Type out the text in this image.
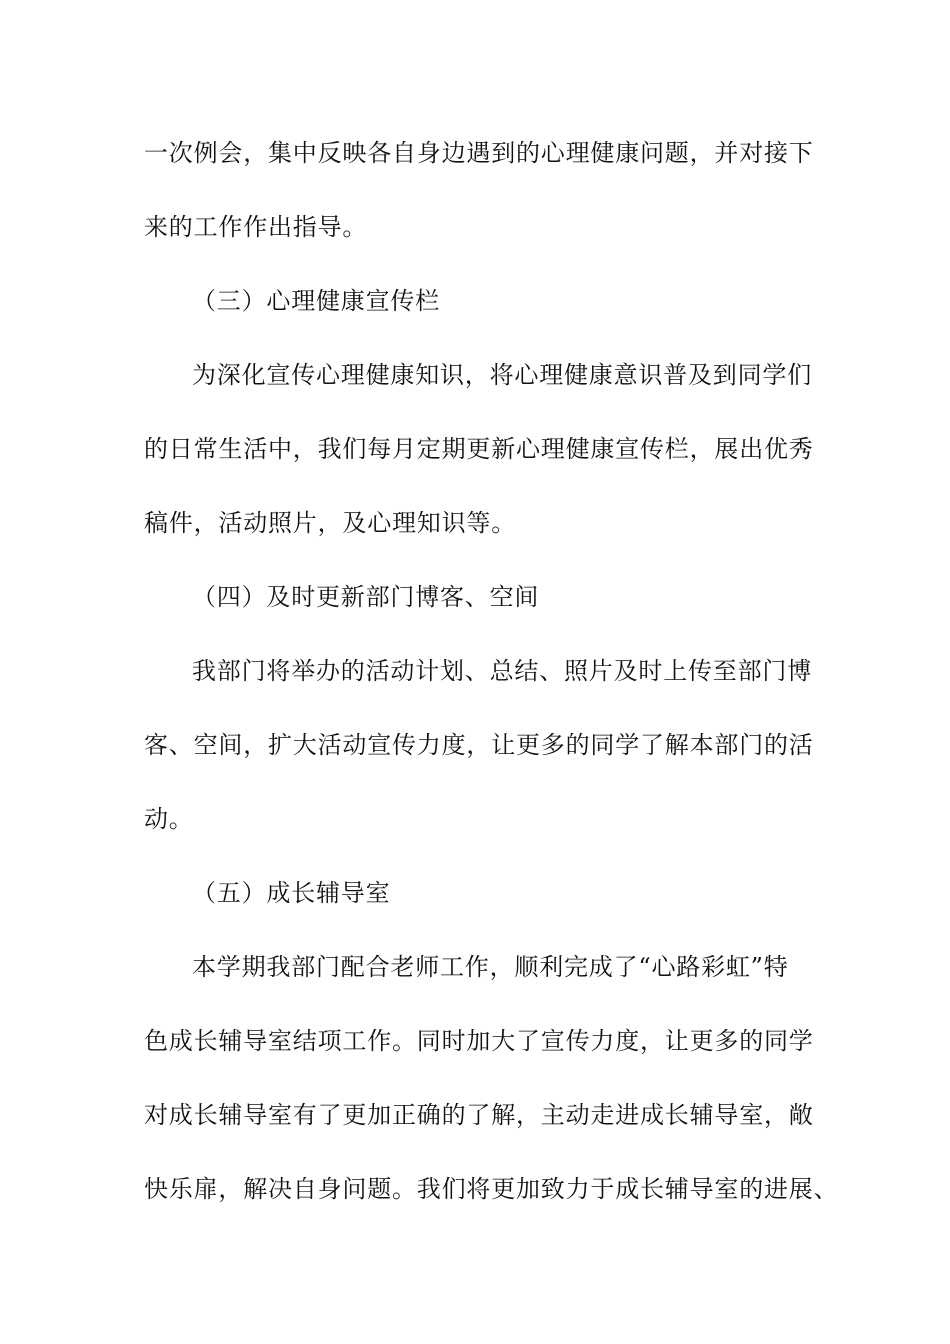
一次例会，集中反映各自身边遇到的心理健康问题，并对接下
来的工作作出指导。
（三）心理健康宣传栏
为深化宣传心理健康知识，将心理健康意识普及到同学们
的日常生活中，我们每月定期更新心理健康宣传栏，展出优秀
稿件，活动照片，及心理知识等。
（四）及时更新部门博客、空间
我部门将举办的活动计划、总结、照片及时上传至部门博
客、空间，扩大活动宣传力度，让更多的同学了解本部门的活
动。
（五）成长辅导室
本学期我部门配合老师工作，顺利完成了“心路彩虹”特
色成长辅导室结项工作。同时加大了宣传力度，让更多的同学
对成长辅导室有了更加正确的了解，主动走进成长辅导室，敞
快乐扉，解决自身问题。我们将更加致力于成长辅导室的进展、
